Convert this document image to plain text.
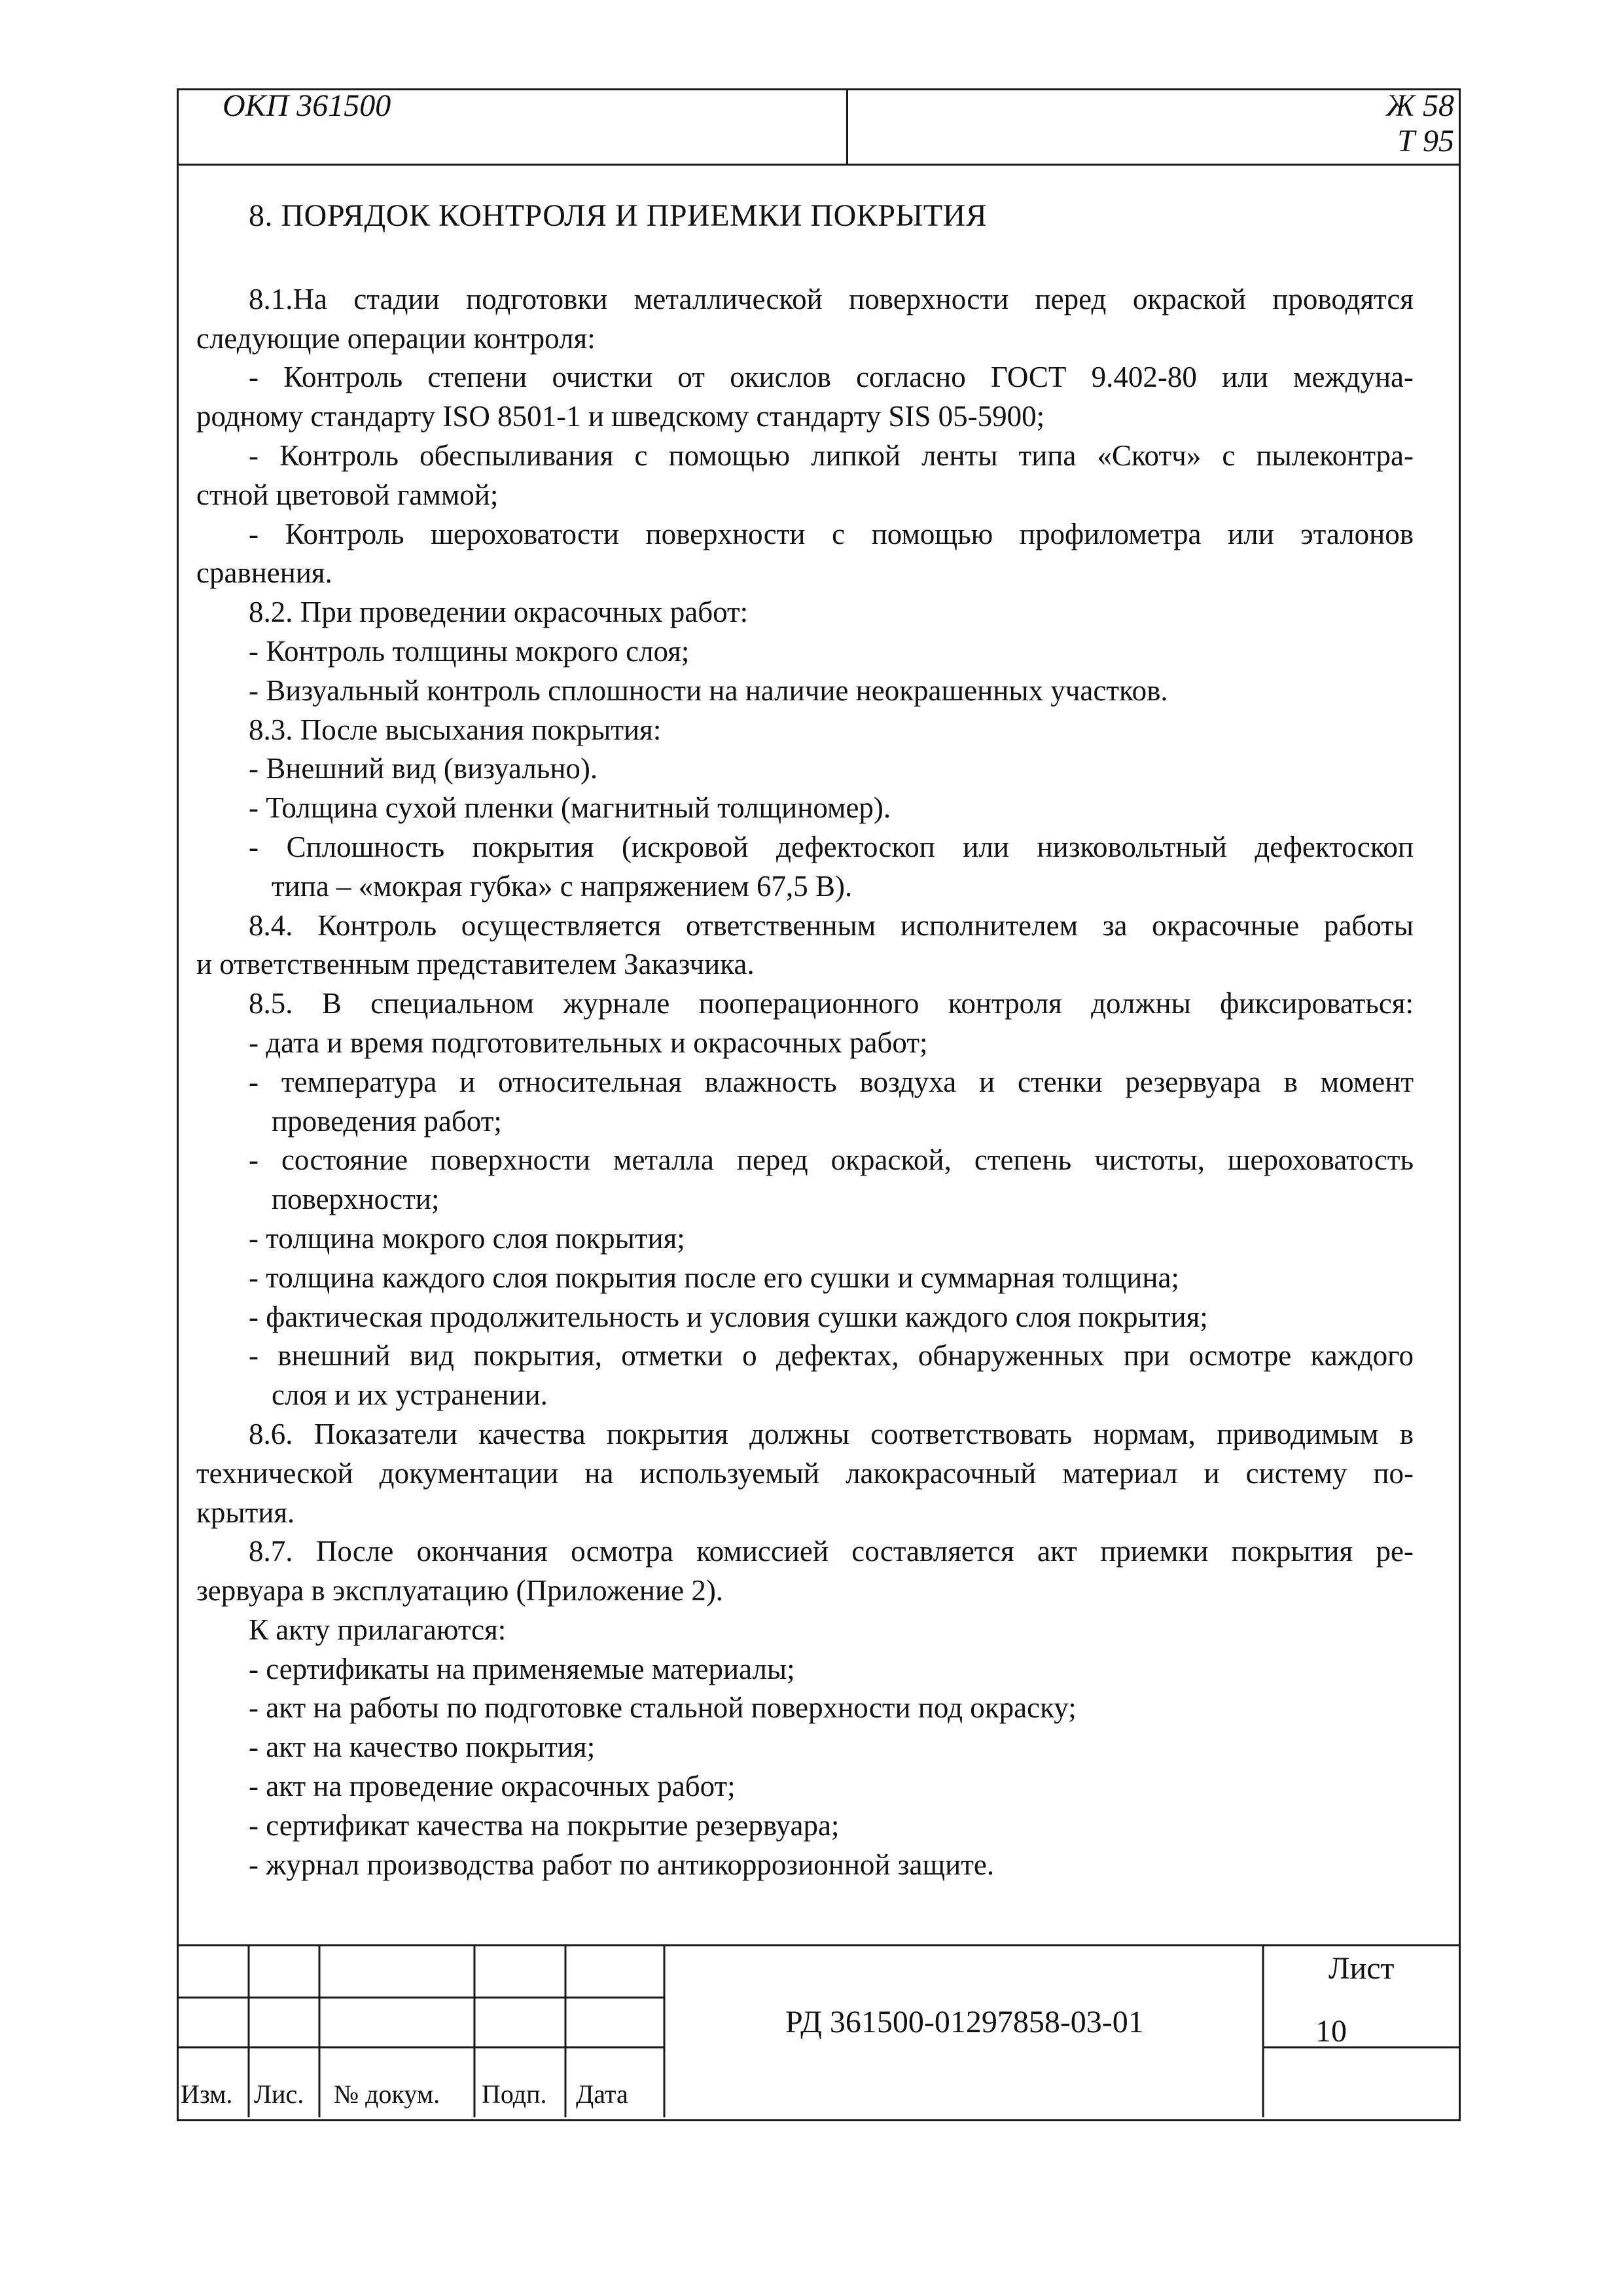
ОКП 361500	Ж 58
Т 95
8. ПОРЯДОК КОНТРОЛЯ И ПРИЕМКИ ПОКРЫТИЯ

8.1.На стадии подготовки металлической поверхности перед окраской проводятся

следующие операции контроля:

- Контроль степени очистки от окислов согласно ГОСТ 9.402-80 или междуна-

родному стандарту ISO 8501-1 и шведскому стандарту SIS 05-5900;

- Контроль обеспыливания с помощью липкой ленты типа «Скотч» с пылеконтра-

стной цветовой гаммой;

- Контроль шероховатости поверхности с помощью профилометра или эталонов

сравнения.

8.2. При проведении окрасочных работ:

- Контроль толщины мокрого слоя;

- Визуальный контроль сплошности на наличие неокрашенных участков.

8.3. После высыхания покрытия:

- Внешний вид (визуально).

- Толщина сухой пленки (магнитный толщиномер).

- Сплошность покрытия (искровой дефектоскоп или низковольтный дефектоскоп

типа – «мокрая губка» с напряжением 67,5 В).

8.4. Контроль осуществляется ответственным исполнителем за окрасочные работы

и ответственным представителем Заказчика.

8.5. В специальном журнале пооперационного контроля должны фиксироваться:

- дата и время подготовительных и окрасочных работ;

- температура и относительная влажность воздуха и стенки резервуара в момент

проведения работ;

- состояние поверхности металла перед окраской, степень чистоты, шероховатость

поверхности;

- толщина мокрого слоя покрытия;

- толщина каждого слоя покрытия после его сушки и суммарная толщина;

- фактическая продолжительность и условия сушки каждого слоя покрытия;

- внешний вид покрытия, отметки о дефектах, обнаруженных при осмотре каждого

слоя и их устранении.

8.6. Показатели качества покрытия должны соответствовать нормам, приводимым в

технической документации на используемый лакокрасочный материал и систему по-

крытия.

8.7. После окончания осмотра комиссией составляется акт приемки покрытия ре-

зервуара в эксплуатацию (Приложение 2).

К акту прилагаются:

- сертификаты на применяемые материалы;

- акт на работы по подготовке стальной поверхности под окраску;

- акт на качество покрытия;

- акт на проведение окрасочных работ;

- сертификат качества на покрытие резервуара;

- журнал производства работ по антикоррозионной защите.

Изм. Лис. № докум. Подп. Дата
РД 361500-01297858-03-01
Лист
10
